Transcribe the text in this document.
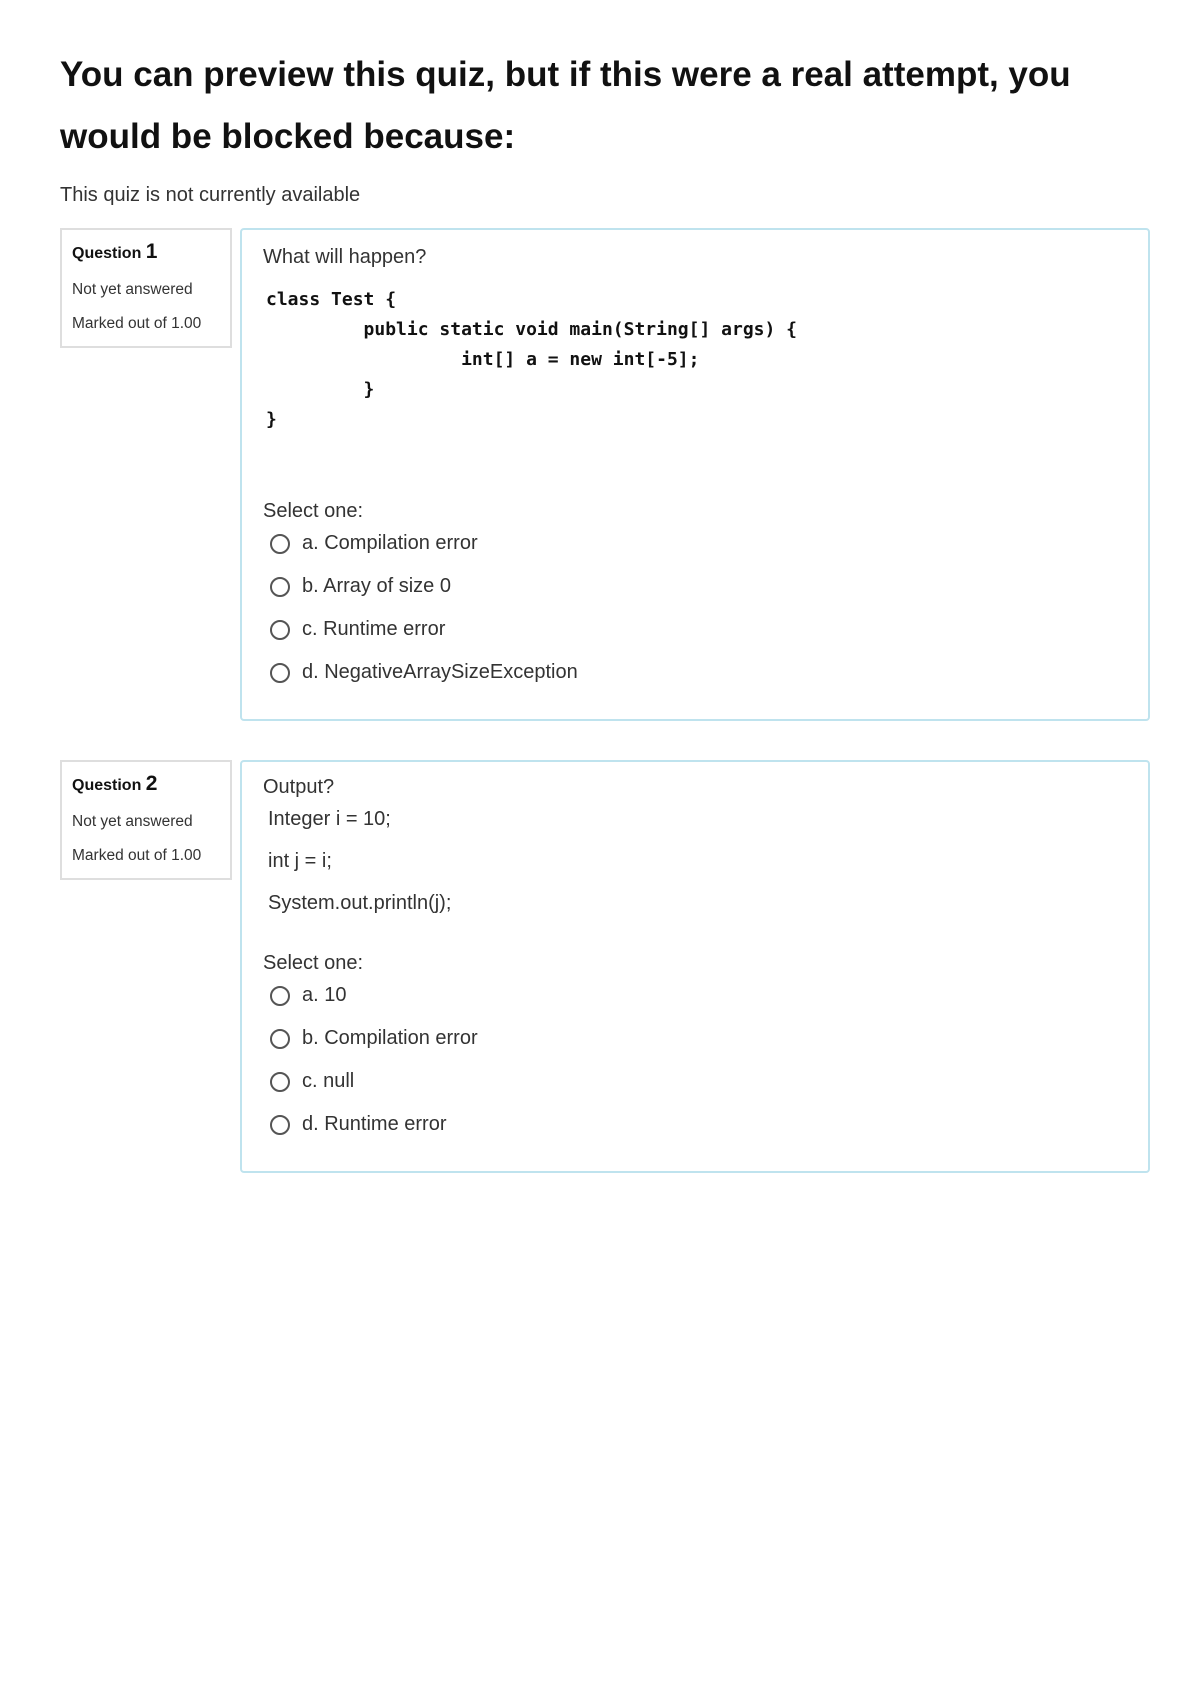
You can preview this quiz, but if this were a real attempt, you would be blocked because:
This quiz is not currently available
Question 1
Not yet answered
Marked out of 1.00
What will happen?
class Test {
public static void main(String[] args) {
int[] a = new int[-5];
}
}
Select one:
a. Compilation error
b. Array of size 0
c. Runtime error
d. NegativeArraySizeException
Question 2
Not yet answered
Marked out of 1.00
Output?
Integer i = 10;
int j = i;
System.out.println(j);
Select one:
a. 10
b. Compilation error
c. null
d. Runtime error
